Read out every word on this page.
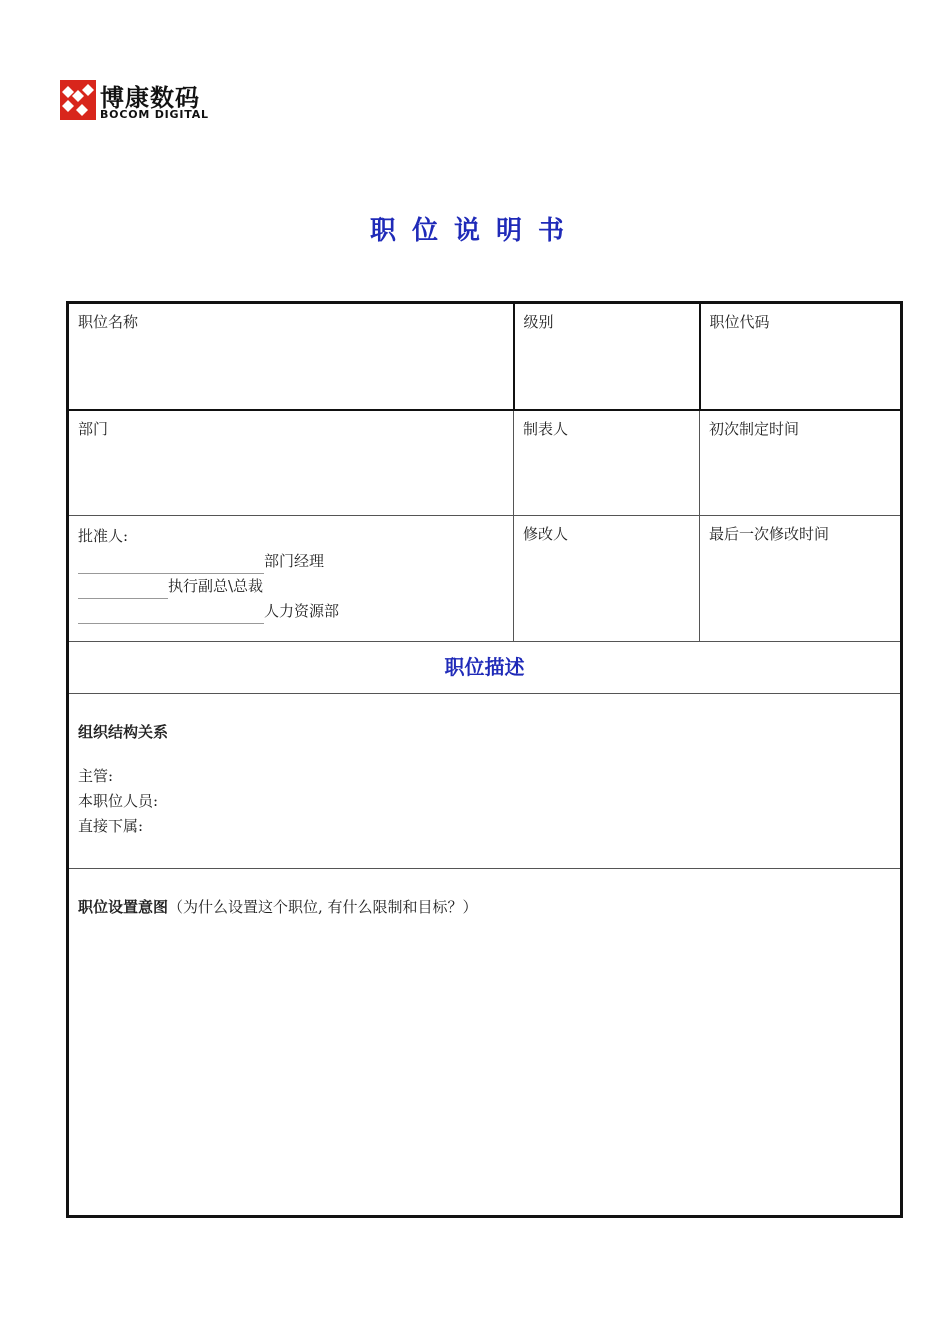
博康数码
BOCOM DIGITAL
职位说明书
职位名称	级别	职位代码
部门	制表人	初次制定时间

批准人:
部门经理
执行副总\总裁
人力资源部	修改人	最后一次修改时间

职位描述		

组织结构关系
主管:
本职位人员:
直接下属:		

职位设置意图（为什么设置这个职位, 有什么限制和目标？）		
